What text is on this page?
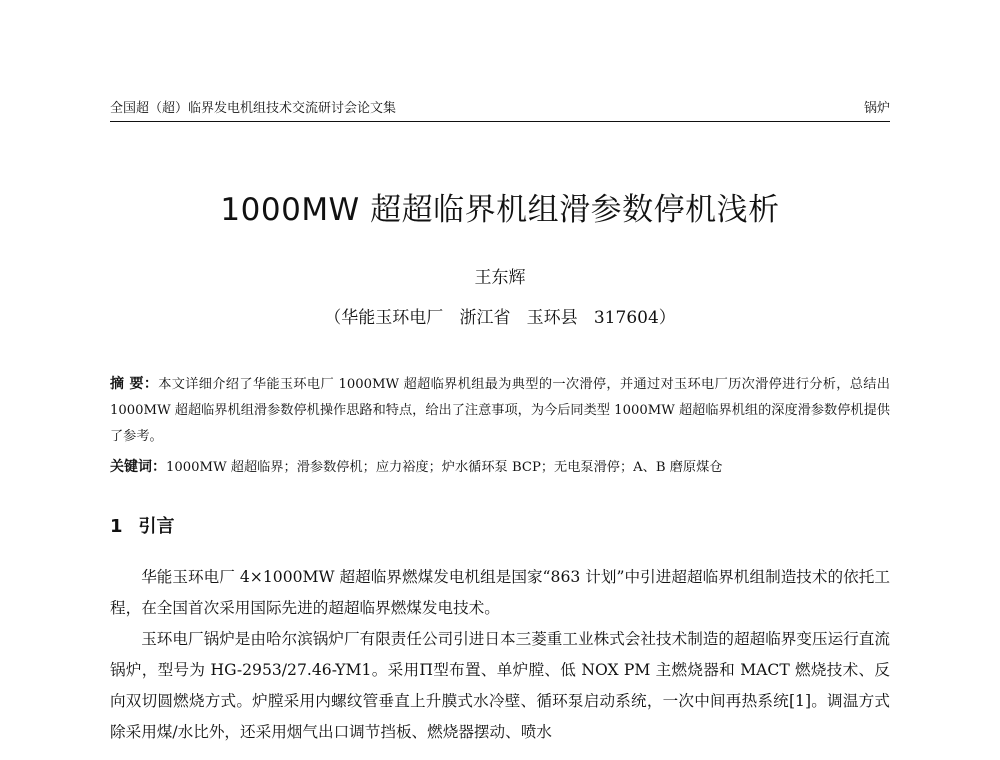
全国超（超）临界发电机组技术交流研讨会论文集	锅炉
1000MW 超超临界机组滑参数停机浅析
王东辉
（华能玉环电厂   浙江省   玉环县   317604）
摘 要：本文详细介绍了华能玉环电厂 1000MW 超超临界机组最为典型的一次滑停，并通过对玉环电厂历次滑停进行分析，总结出 1000MW 超超临界机组滑参数停机操作思路和特点，给出了注意事项，为今后同类型 1000MW 超超临界机组的深度滑参数停机提供了参考。
关键词：1000MW 超超临界；滑参数停机；应力裕度；炉水循环泵 BCP；无电泵滑停；A、B 磨原煤仓
1 引言

华能玉环电厂 4×1000MW 超超临界燃煤发电机组是国家“863 计划”中引进超超临界机组制造技术的依托工程，在全国首次采用国际先进的超超临界燃煤发电技术。

玉环电厂锅炉是由哈尔滨锅炉厂有限责任公司引进日本三菱重工业株式会社技术制造的超超临界变压运行直流锅炉，型号为 HG-2953/27.46-YM1。采用Π型布置、单炉膛、低 NOX PM 主燃烧器和 MACT 燃烧技术、反向双切圆燃烧方式。炉膛采用内螺纹管垂直上升膜式水冷壁、循环泵启动系统，一次中间再热系统[1]。调温方式除采用煤/水比外，还采用烟气出口调节挡板、燃烧器摆动、喷水
